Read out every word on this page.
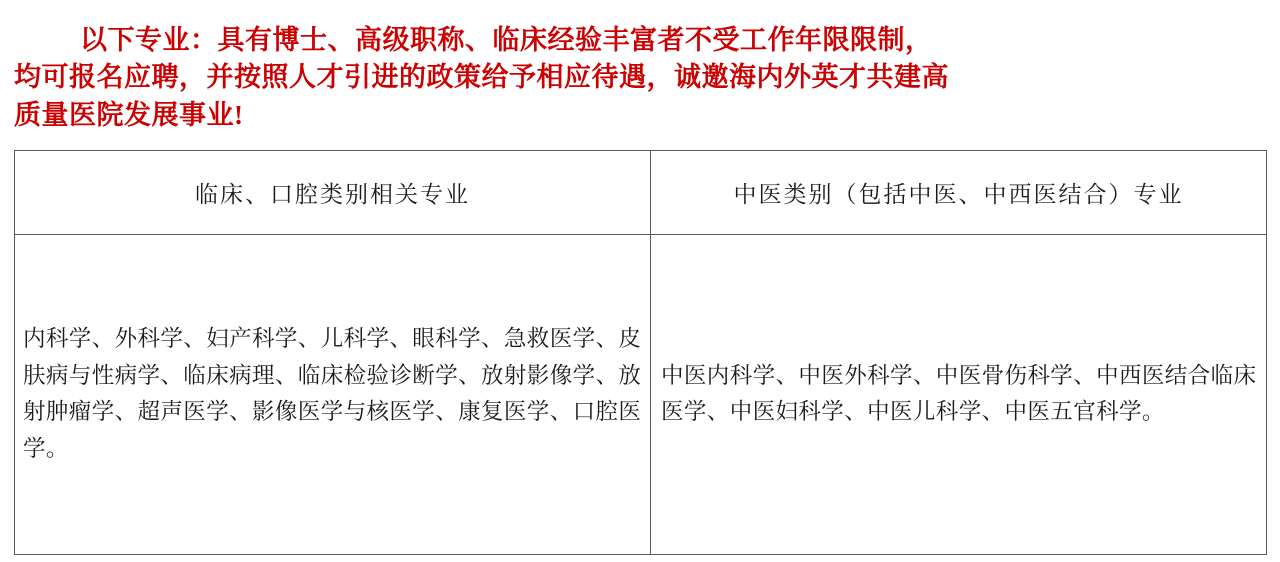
以下专业：具有博士、高级职称、临床经验丰富者不受工作年限限制，
均可报名应聘，并按照人才引进的政策给予相应待遇，诚邀海内外英才共建高
质量医院发展事业!
临床、口腔类别相关专业	中医类别（包括中医、中西医结合）专业

内科学、外科学、妇产科学、儿科学、眼科学、急救医学、皮肤病与性病学、临床病理、临床检验诊断学、放射影像学、放射肿瘤学、超声医学、影像医学与核医学、康复医学、口腔医学。	中医内科学、中医外科学、中医骨伤科学、中西医结合临床医学、中医妇科学、中医儿科学、中医五官科学。
